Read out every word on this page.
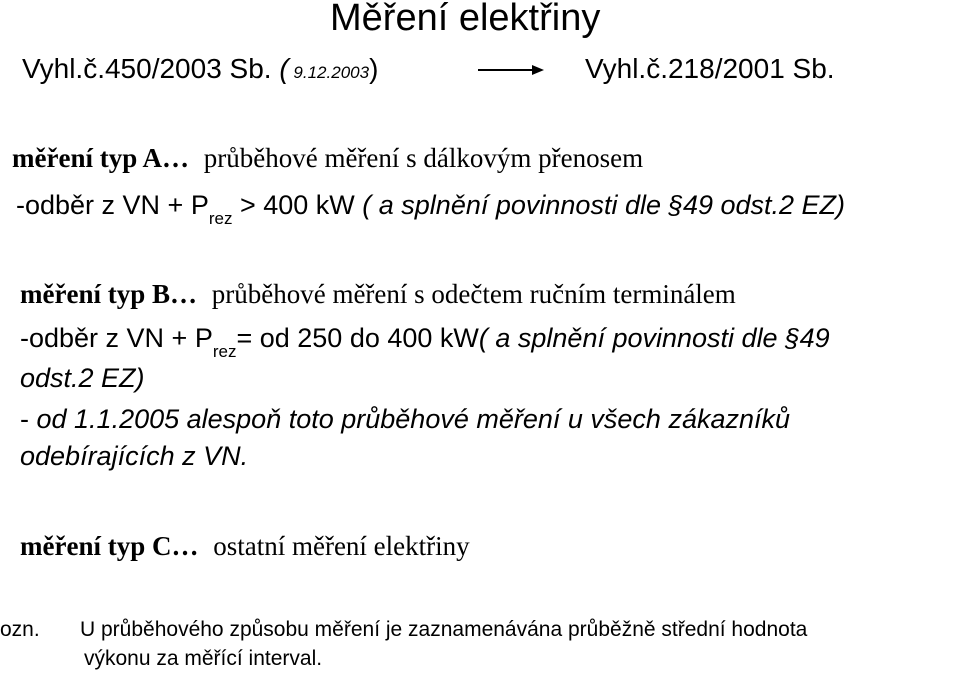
Měření elektřiny
Vyhl.č.450/2003 Sb. ( 9.12.2003)	Vyhl.č.218/2001 Sb.
měření typ A… průběhové měření s dálkovým přenosem
-odběr z VN + $P_{rez} > 400$ kW ( a splnění povinnosti dle §49 odst.2 EZ)
měření typ B… průběhové měření s odečtem ručním terminálem
-odběr z VN + $P_{rez}=$ od 250 do 400 kW( a splnění povinnosti dle §49
odst.2 EZ)
- od 1.1.2005 alespoň toto průběhové měření u všech zákazníků
odebírajících z VN.
měření typ C… ostatní měření elektřiny
ozn. U průběhového způsobu měření je zaznamenávána průběžně střední hodnota
výkonu za měřící interval.
